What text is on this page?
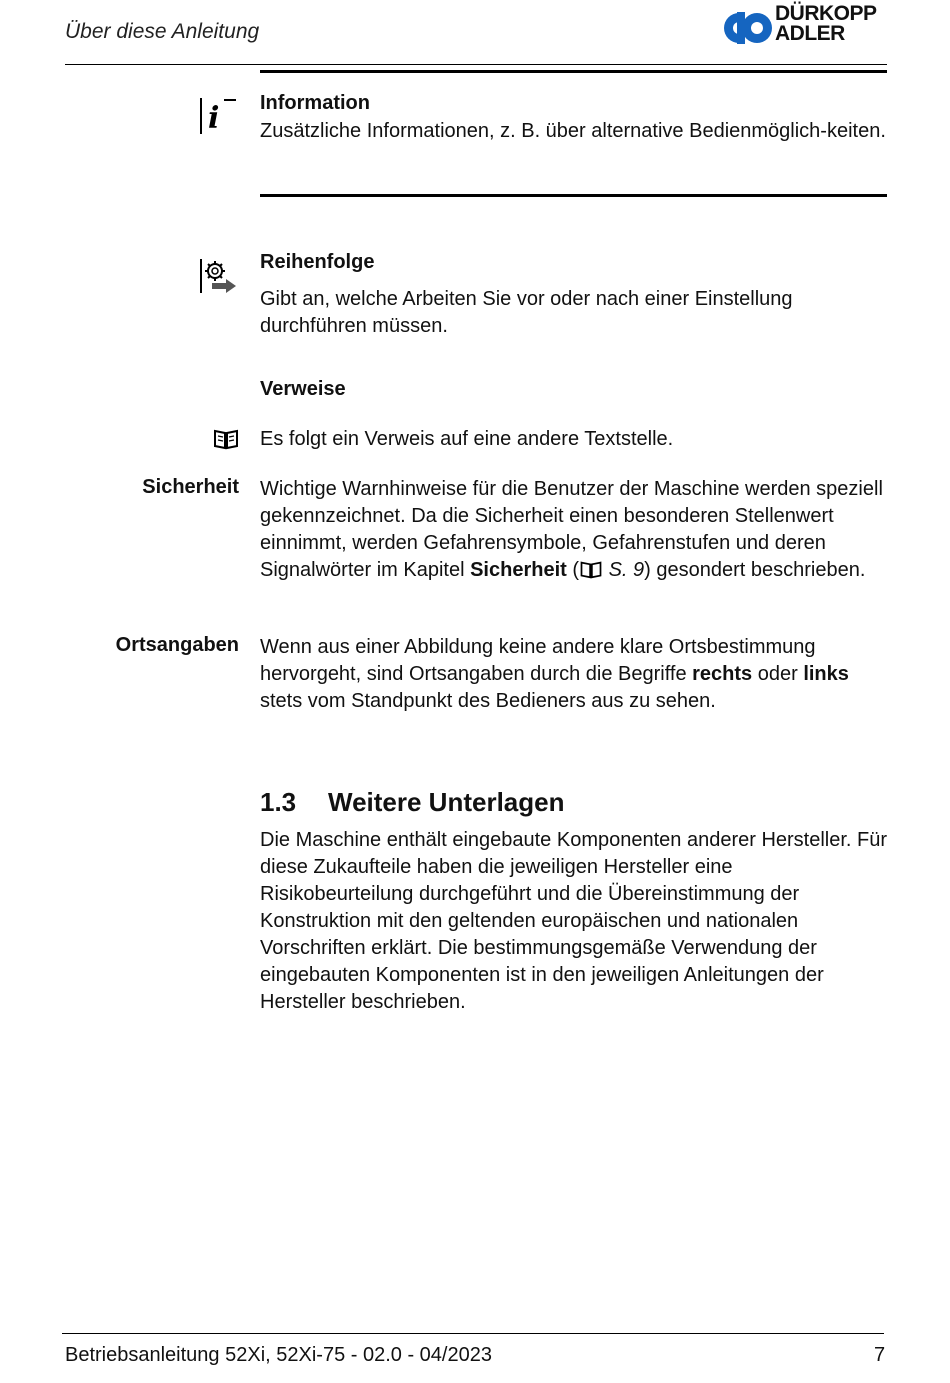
Über diese Anleitung
DÜRKOPP
ADLER
i Information
Zusätzliche Informationen, z. B. über alternative Bedienmöglich-keiten.
Reihenfolge
Gibt an, welche Arbeiten Sie vor oder nach einer Einstellung durchführen müssen.
Verweise
Es folgt ein Verweis auf eine andere Textstelle.
Sicherheit Wichtige Warnhinweise für die Benutzer der Maschine werden speziell gekennzeichnet. Da die Sicherheit einen besonderen Stellenwert einnimmt, werden Gefahrensymbole, Gefahrenstufen und deren Signalwörter im Kapitel Sicherheit ( S. 9) gesondert beschrieben.
Ortsangaben Wenn aus einer Abbildung keine andere klare Ortsbestimmung hervorgeht, sind Ortsangaben durch die Begriffe rechts oder links stets vom Standpunkt des Bedieners aus zu sehen.
1.3 Weitere Unterlagen
Die Maschine enthält eingebaute Komponenten anderer Hersteller. Für diese Zukaufteile haben die jeweiligen Hersteller eine Risikobeurteilung durchgeführt und die Übereinstimmung der Konstruktion mit den geltenden europäischen und nationalen Vorschriften erklärt. Die bestimmungsgemäße Verwendung der eingebauten Komponenten ist in den jeweiligen Anleitungen der Hersteller beschrieben.
Betriebsanleitung 52Xi, 52Xi-75 - 02.0 - 04/2023	7
